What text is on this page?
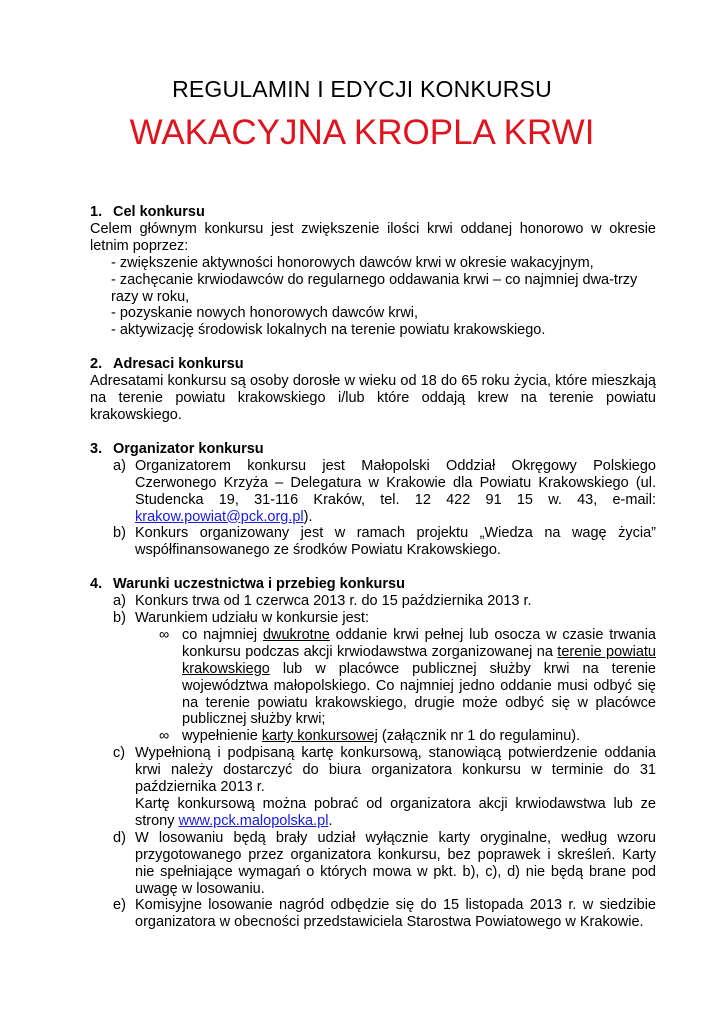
REGULAMIN I EDYCJI KONKURSU
WAKACYJNA KROPLA KRWI
1. Cel konkursu
Celem głównym konkursu jest zwiększenie ilości krwi oddanej honorowo w okresie letnim poprzez:
- zwiększenie aktywności honorowych dawców krwi w okresie wakacyjnym,
- zachęcanie krwiodawców do regularnego oddawania krwi – co najmniej dwa-trzy razy w roku,
- pozyskanie nowych honorowych dawców krwi,
- aktywizację środowisk lokalnych na terenie powiatu krakowskiego.
2. Adresaci konkursu
Adresatami konkursu są osoby dorosłe w wieku od 18 do 65 roku życia, które mieszkają na terenie powiatu krakowskiego i/lub które oddają krew na terenie powiatu krakowskiego.
3. Organizator konkursu
a) Organizatorem konkursu jest Małopolski Oddział Okręgowy Polskiego Czerwonego Krzyża – Delegatura w Krakowie dla Powiatu Krakowskiego (ul. Studencka 19, 31-116 Kraków, tel. 12 422 91 15 w. 43, e-mail: krakow.powiat@pck.org.pl).
b) Konkurs organizowany jest w ramach projektu „Wiedza na wagę życia” współfinansowanego ze środków Powiatu Krakowskiego.
4. Warunki uczestnictwa i przebieg konkursu
a) Konkurs trwa od 1 czerwca 2013 r. do 15 października 2013 r.
b) Warunkiem udziału w konkursie jest:
∞ co najmniej dwukrotne oddanie krwi pełnej lub osocza w czasie trwania konkursu podczas akcji krwiodawstwa zorganizowanej na terenie powiatu krakowskiego lub w placówce publicznej służby krwi na terenie województwa małopolskiego. Co najmniej jedno oddanie musi odbyć się na terenie powiatu krakowskiego, drugie może odbyć się w placówce publicznej służby krwi;
∞ wypełnienie karty konkursowej (załącznik nr 1 do regulaminu).
c) Wypełnioną i podpisaną kartę konkursową, stanowiącą potwierdzenie oddania krwi należy dostarczyć do biura organizatora konkursu w terminie do 31 października 2013 r.
Kartę konkursową można pobrać od organizatora akcji krwiodawstwa lub ze strony www.pck.malopolska.pl.
d) W losowaniu będą brały udział wyłącznie karty oryginalne, według wzoru przygotowanego przez organizatora konkursu, bez poprawek i skreśleń. Karty nie spełniające wymagań o których mowa w pkt. b), c), d) nie będą brane pod uwagę w losowaniu.
e) Komisyjne losowanie nagród odbędzie się do 15 listopada 2013 r. w siedzibie organizatora w obecności przedstawiciela Starostwa Powiatowego w Krakowie.
